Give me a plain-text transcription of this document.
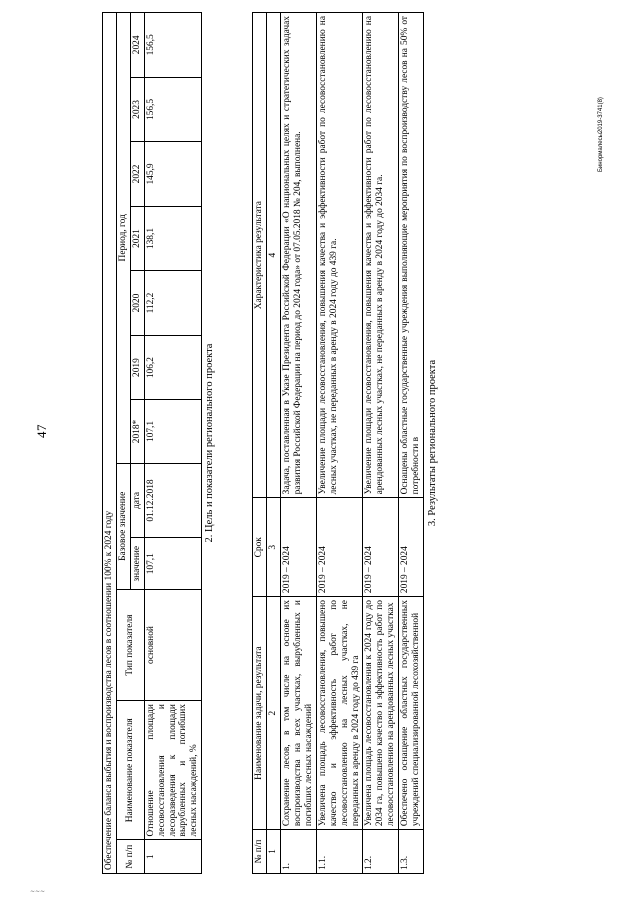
47
Обеспечение баланса выбытия и воспроизводства лесов в соотношении 100% к 2024 году											
№ п/п	Наименование показателя	Тип показателя	Базовое значение		Период, год						
			значение	дата	2018*	2019	2020	2021	2022	2023	2024
1	Отношение площади лесовосстановления и лесоразведения к площади вырубленных и погибших лесных насаждений, %	основной	107,1	01.12.2018	107,1	106,2	112,2	138,1	145,9	156,5	156,5
2. Цель и показатели регионального проекта
№ п/п	Наименование задачи, результата	Срок	Характеристика результата
1	2	3	4
1.	Сохранение лесов, в том числе на основе их воспроизводства на всех участках, вырубленных и погибших лесных насаждений	2019 – 2024	Задача, поставленная в Указе Президента Российской Федерации «О национальных целях и стратегических задачах развития Российской Федерации на период до 2024 года» от 07.05.2018 № 204, выполнена.
1.1.	Увеличена площадь лесовосстановления, повышено качество и эффективность работ по лесовосстановлению на лесных участках, не переданных в аренду в 2024 году до 439 га	2019 – 2024	Увеличение площади лесовосстановления, повышения качества и эффективности работ по лесовосстановлению на лесных участках, не переданных в аренду в 2024 году до 439 га.
1.2.	Увеличена площадь лесовосстановления к 2024 году до 2034 га, повышено качество и эффективность работ по лесовосстановлению на арендованных лесных участках	2019 – 2024	Увеличение площади лесовосстановления, повышения качества и эффективности работ по лесовосстановлению на арендованных лесных участках, не переданных в аренду в 2024 году до 2034 га.
1.3.	Обеспечено оснащение областных государственных учреждений специализированной лесохозяйственной	2019 – 2024	Оснащены областные государственные учреждения выполняющие мероприятия по воспроизводству лесов на 50% от потребности в 3. Результаты регионального проекта
Бинормалесы2019-3741(8)
∼∼∼
